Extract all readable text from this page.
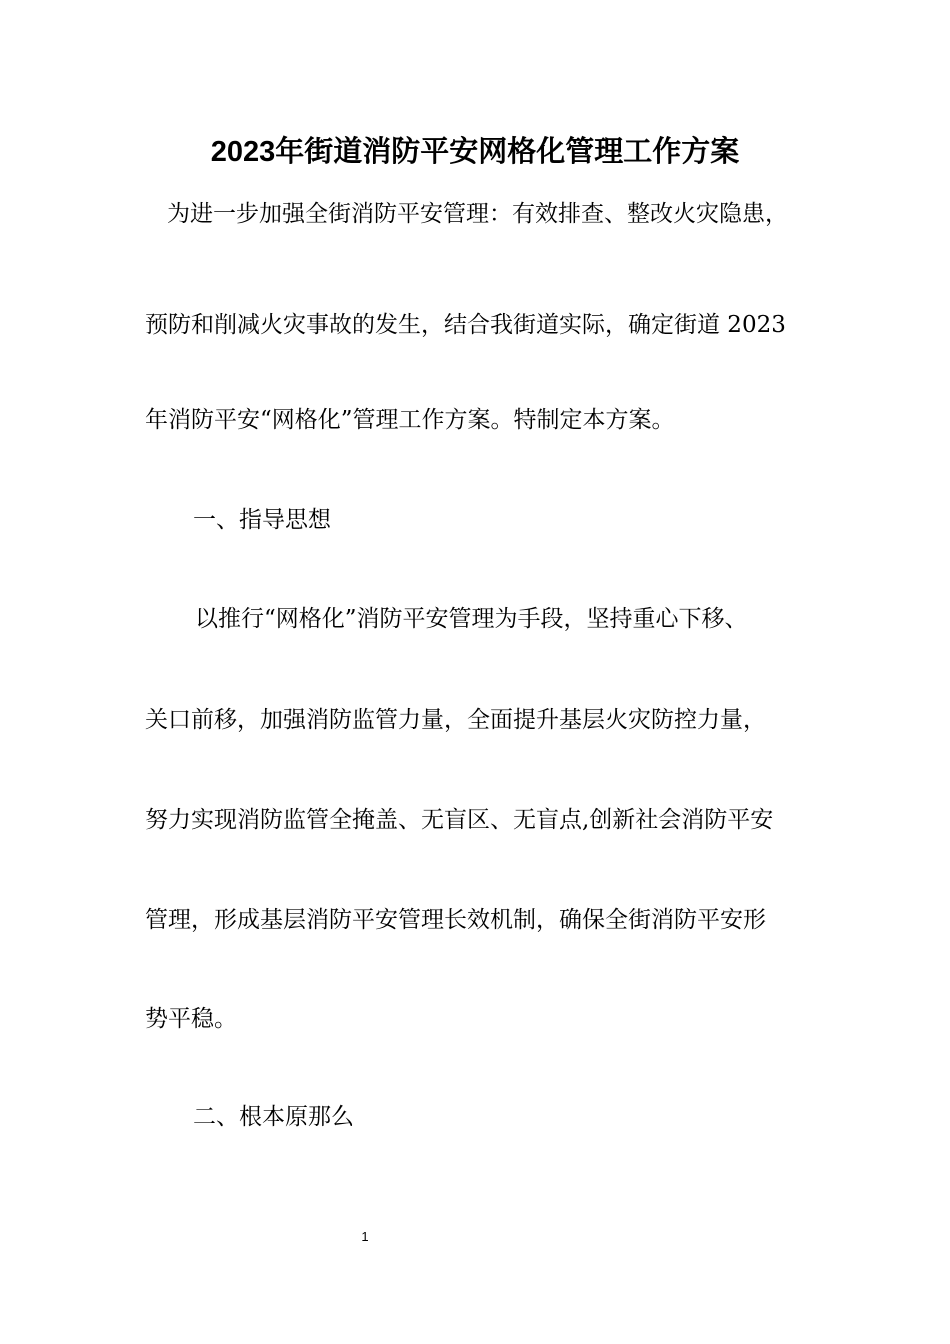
2023年街道消防平安网格化管理工作方案
为进一步加强全街消防平安管理：有效排查、整改火灾隐患，
预防和削减火灾事故的发生，结合我街道实际，确定街道 2023
年消防平安“网格化”管理工作方案。特制定本方案。
一、指导思想
以推行“网格化”消防平安管理为手段，坚持重心下移、
关口前移，加强消防监管力量，全面提升基层火灾防控力量，
努力实现消防监管全掩盖、无盲区、无盲点,创新社会消防平安
管理，形成基层消防平安管理长效机制，确保全街消防平安形
势平稳。
二、根本原那么
1
